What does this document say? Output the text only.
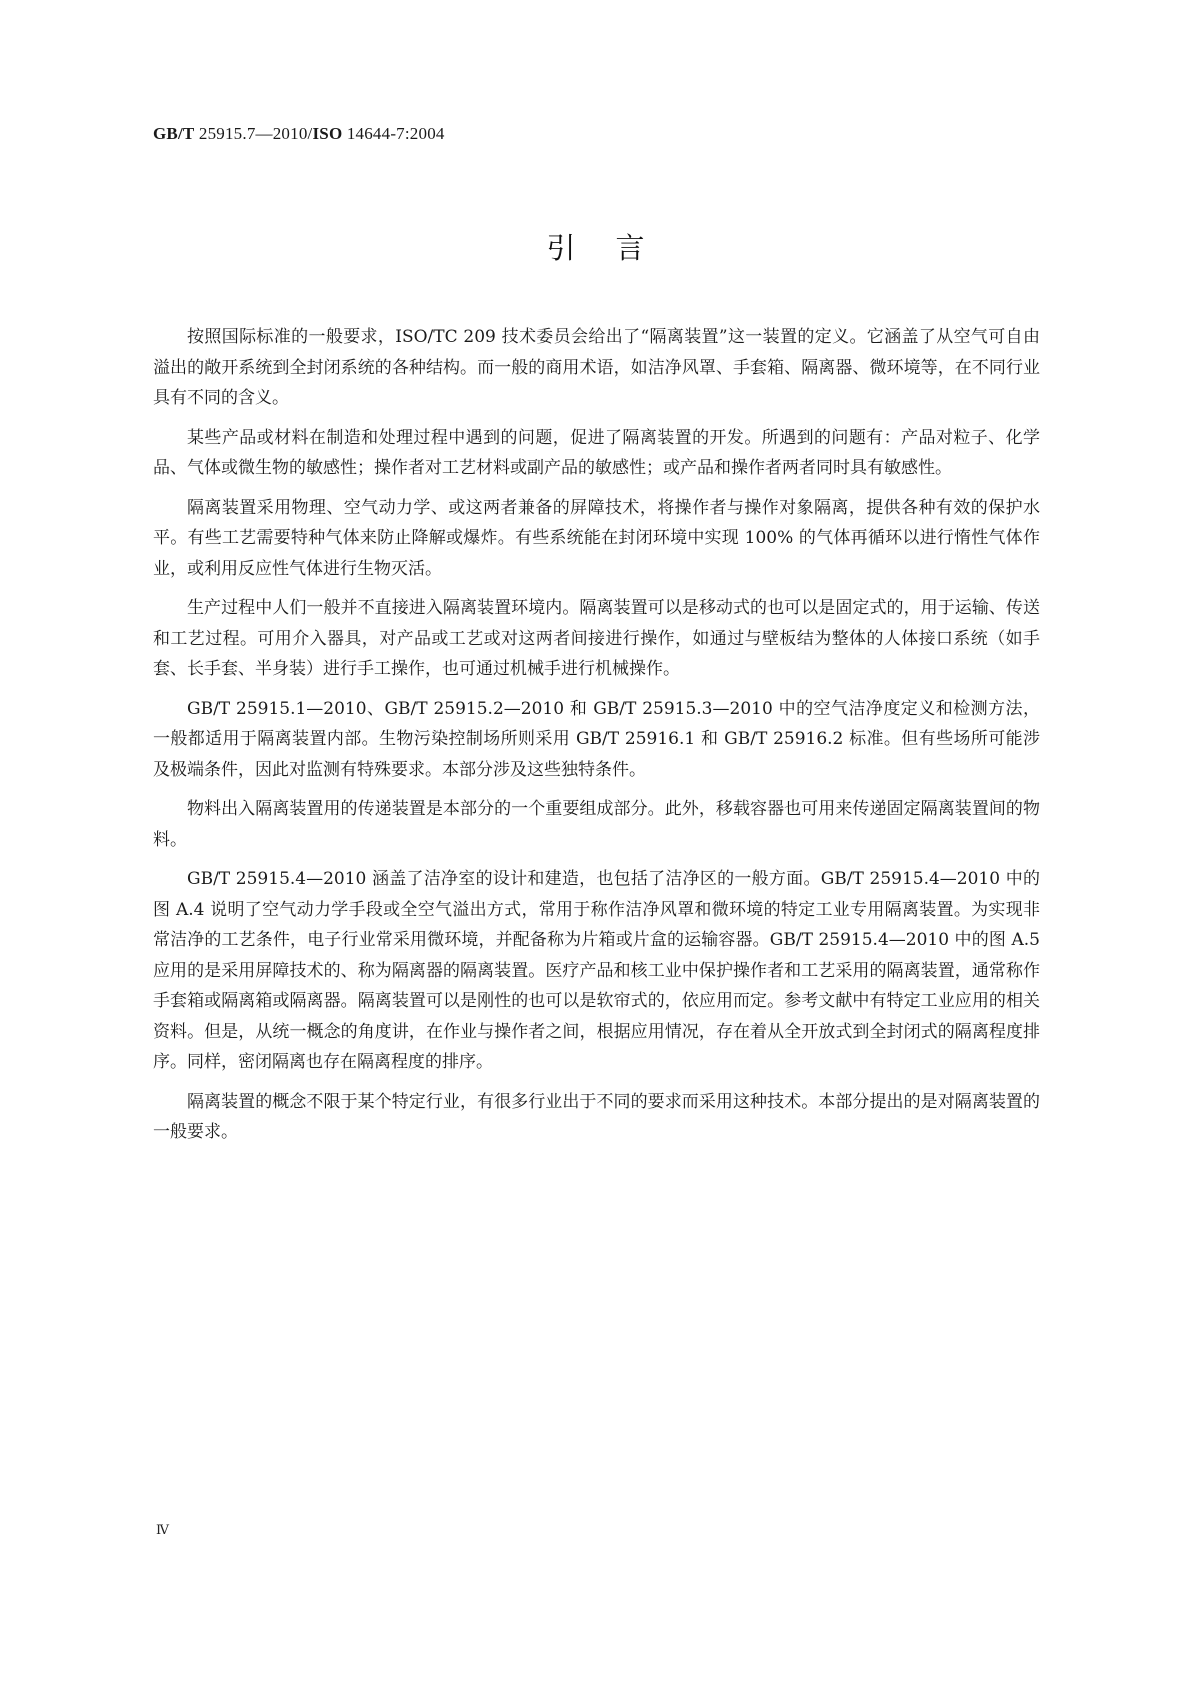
GB/T 25915.7—2010/ISO 14644-7:2004
引言

按照国际标准的一般要求，ISO/TC 209 技术委员会给出了“隔离装置”这一装置的定义。它涵盖了从空气可自由溢出的敞开系统到全封闭系统的各种结构。而一般的商用术语，如洁净风罩、手套箱、隔离器、微环境等，在不同行业具有不同的含义。

某些产品或材料在制造和处理过程中遇到的问题，促进了隔离装置的开发。所遇到的问题有：产品对粒子、化学品、气体或微生物的敏感性；操作者对工艺材料或副产品的敏感性；或产品和操作者两者同时具有敏感性。

隔离装置采用物理、空气动力学、或这两者兼备的屏障技术，将操作者与操作对象隔离，提供各种有效的保护水平。有些工艺需要特种气体来防止降解或爆炸。有些系统能在封闭环境中实现 100% 的气体再循环以进行惰性气体作业，或利用反应性气体进行生物灭活。

生产过程中人们一般并不直接进入隔离装置环境内。隔离装置可以是移动式的也可以是固定式的，用于运输、传送和工艺过程。可用介入器具，对产品或工艺或对这两者间接进行操作，如通过与壁板结为整体的人体接口系统（如手套、长手套、半身装）进行手工操作，也可通过机械手进行机械操作。

GB/T 25915.1—2010、GB/T 25915.2—2010 和 GB/T 25915.3—2010 中的空气洁净度定义和检测方法，一般都适用于隔离装置内部。生物污染控制场所则采用 GB/T 25916.1 和 GB/T 25916.2 标准。但有些场所可能涉及极端条件，因此对监测有特殊要求。本部分涉及这些独特条件。

物料出入隔离装置用的传递装置是本部分的一个重要组成部分。此外，移载容器也可用来传递固定隔离装置间的物料。

GB/T 25915.4—2010 涵盖了洁净室的设计和建造，也包括了洁净区的一般方面。GB/T 25915.4—2010 中的图 A.4 说明了空气动力学手段或全空气溢出方式，常用于称作洁净风罩和微环境的特定工业专用隔离装置。为实现非常洁净的工艺条件，电子行业常采用微环境，并配备称为片箱或片盒的运输容器。GB/T 25915.4—2010 中的图 A.5 应用的是采用屏障技术的、称为隔离器的隔离装置。医疗产品和核工业中保护操作者和工艺采用的隔离装置，通常称作手套箱或隔离箱或隔离器。隔离装置可以是刚性的也可以是软帘式的，依应用而定。参考文献中有特定工业应用的相关资料。但是，从统一概念的角度讲，在作业与操作者之间，根据应用情况，存在着从全开放式到全封闭式的隔离程度排序。同样，密闭隔离也存在隔离程度的排序。

隔离装置的概念不限于某个特定行业，有很多行业出于不同的要求而采用这种技术。本部分提出的是对隔离装置的一般要求。

Ⅳ
